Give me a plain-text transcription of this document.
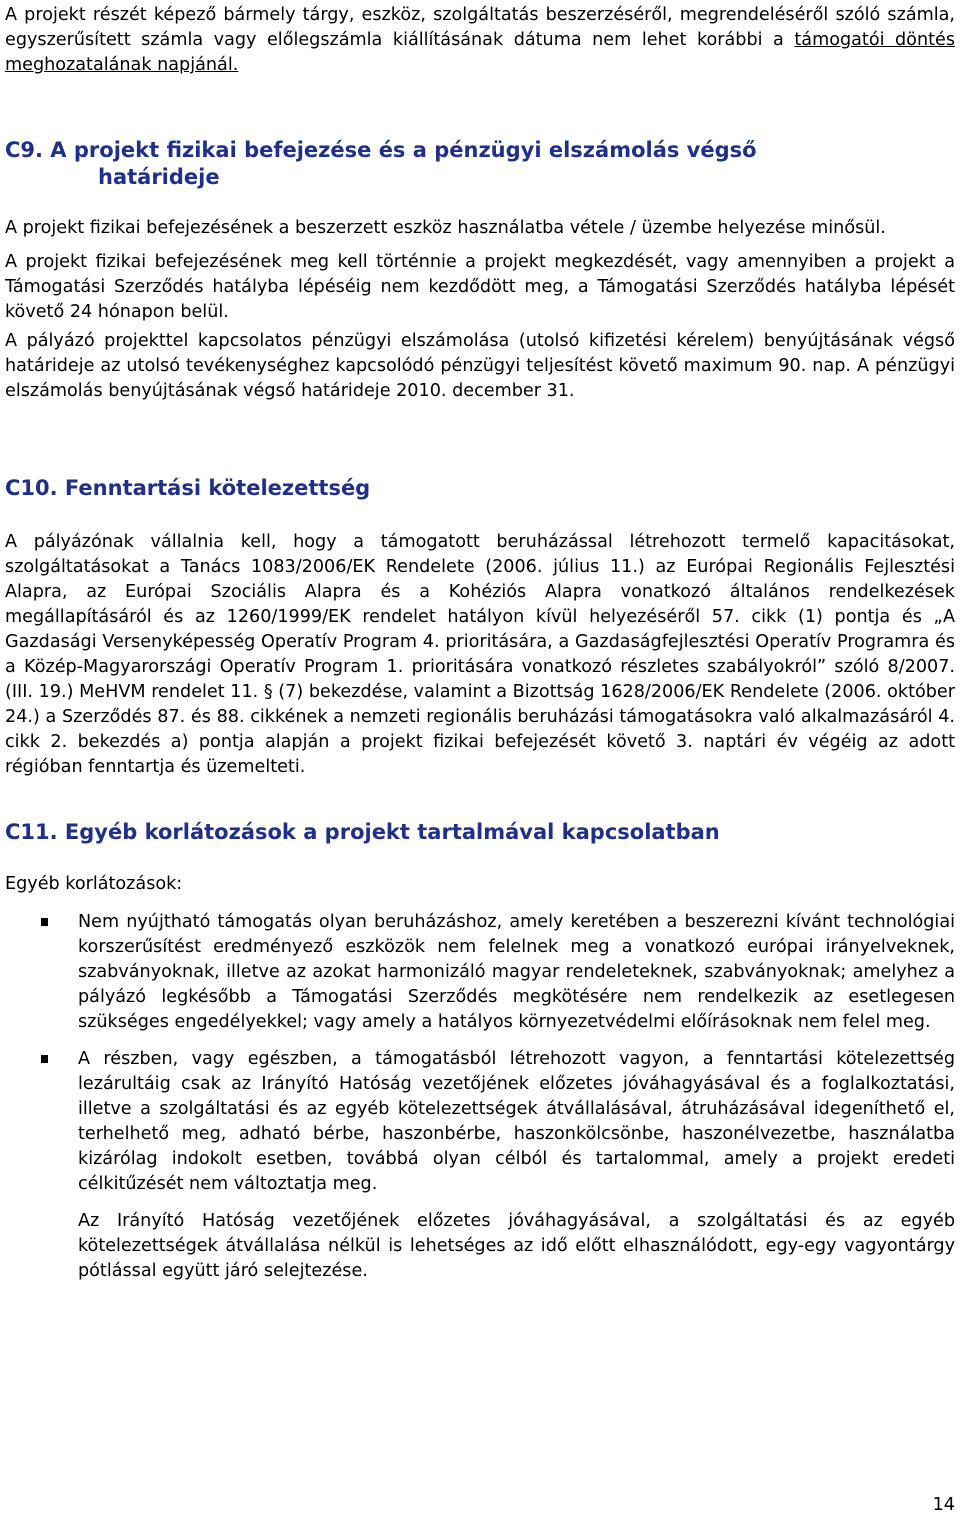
A projekt részét képező bármely tárgy, eszköz, szolgáltatás beszerzéséről, megrendeléséről szóló számla, egyszerűsített számla vagy előlegszámla kiállításának dátuma nem lehet korábbi a támogatói döntés meghozatalának napjánál.

C9. A projekt fizikai befejezése és a pénzügyi elszámolás végső
határideje

A projekt fizikai befejezésének a beszerzett eszköz használatba vétele / üzembe helyezése minősül.

A projekt fizikai befejezésének meg kell történnie a projekt megkezdését, vagy amennyiben a projekt a Támogatási Szerződés hatályba lépéséig nem kezdődött meg, a Támogatási Szerződés hatályba lépését követő 24 hónapon belül.

A pályázó projekttel kapcsolatos pénzügyi elszámolása (utolsó kifizetési kérelem) benyújtásának végső határideje az utolsó tevékenységhez kapcsolódó pénzügyi teljesítést követő maximum 90. nap. A pénzügyi elszámolás benyújtásának végső határideje 2010. december 31.

C10. Fenntartási kötelezettség

A pályázónak vállalnia kell, hogy a támogatott beruházással létrehozott termelő kapacitásokat, szolgáltatásokat a Tanács 1083/2006/EK Rendelete (2006. július 11.) az Európai Regionális Fejlesztési Alapra, az Európai Szociális Alapra és a Kohéziós Alapra vonatkozó általános rendelkezések megállapításáról és az 1260/1999/EK rendelet hatályon kívül helyezéséről 57. cikk (1) pontja és „A Gazdasági Versenyképesség Operatív Program 4. prioritására, a Gazdaságfejlesztési Operatív Programra és a Közép-Magyarországi Operatív Program 1. prioritására vonatkozó részletes szabályokról” szóló 8/2007. (III. 19.) MeHVM rendelet 11. § (7) bekezdése, valamint a Bizottság 1628/2006/EK Rendelete (2006. október 24.) a Szerződés 87. és 88. cikkének a nemzeti regionális beruházási támogatásokra való alkalmazásáról 4. cikk 2. bekezdés a) pontja alapján a projekt fizikai befejezését követő 3. naptári év végéig az adott régióban fenntartja és üzemelteti.

C11. Egyéb korlátozások a projekt tartalmával kapcsolatban

Egyéb korlátozások:

Nem nyújtható támogatás olyan beruházáshoz, amely keretében a beszerezni kívánt technológiai korszerűsítést eredményező eszközök nem felelnek meg a vonatkozó európai irányelveknek, szabványoknak, illetve az azokat harmonizáló magyar rendeleteknek, szabványoknak; amelyhez a pályázó legkésőbb a Támogatási Szerződés megkötésére nem rendelkezik az esetlegesen szükséges engedélyekkel; vagy amely a hatályos környezetvédelmi előírásoknak nem felel meg.
A részben, vagy egészben, a támogatásból létrehozott vagyon, a fenntartási kötelezettség lezárultáig csak az Irányító Hatóság vezetőjének előzetes jóváhagyásával és a foglalkoztatási, illetve a szolgáltatási és az egyéb kötelezettségek átvállalásával, átruházásával idegeníthető el, terhelhető meg, adható bérbe, haszonbérbe, haszonkölcsönbe, haszonélvezetbe, használatba kizárólag indokolt esetben, továbbá olyan célból és tartalommal, amely a projekt eredeti célkitűzését nem változtatja meg.

Az Irányító Hatóság vezetőjének előzetes jóváhagyásával, a szolgáltatási és az egyéb kötelezettségek átvállalása nélkül is lehetséges az idő előtt elhasználódott, egy-egy vagyontárgy pótlással együtt járó selejtezése.

14
